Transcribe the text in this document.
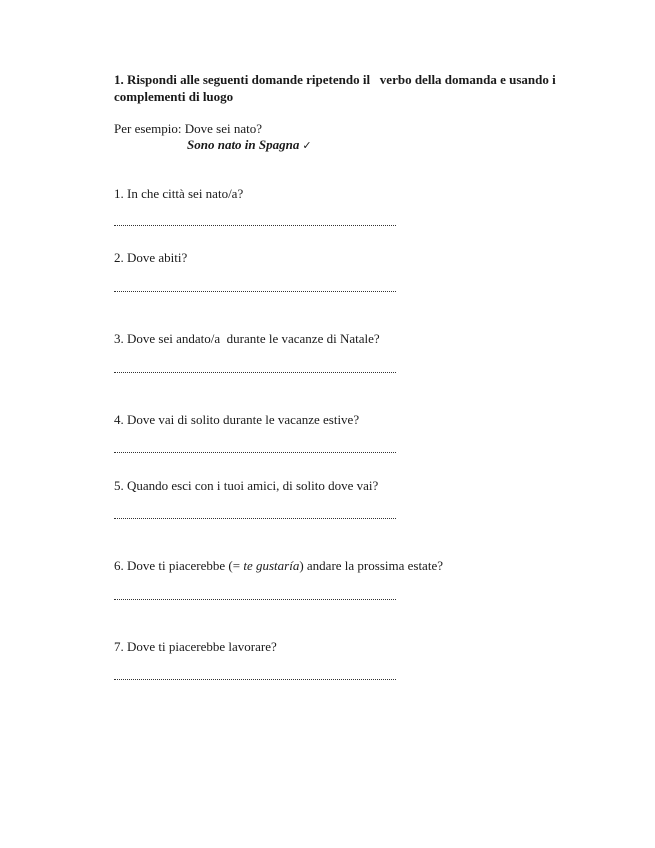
1. Rispondi alle seguenti domande ripetendo il   verbo della domanda e usando i complementi di luogo
Per esempio: Dove sei nato?
Sono nato in Spagna ✓
1. In che città sei nato/a?
2. Dove abiti?
3. Dove sei andato/a  durante le vacanze di Natale?
4. Dove vai di solito durante le vacanze estive?
5. Quando esci con i tuoi amici, di solito dove vai?
6. Dove ti piacerebbe (= te gustaría) andare la prossima estate?
7. Dove ti piacerebbe lavorare?
